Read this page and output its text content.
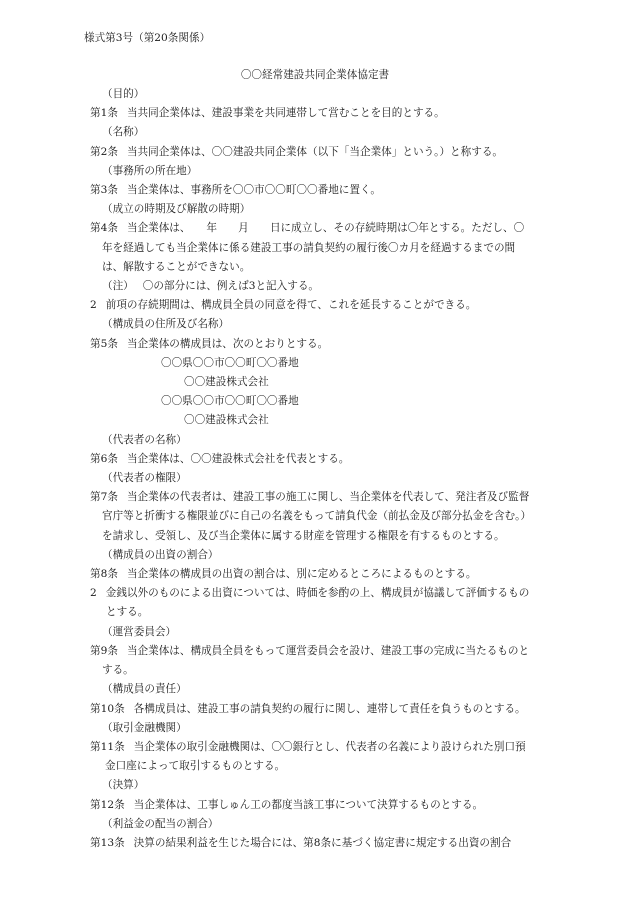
様式第3号（第20条関係）
〇〇経常建設共同企業体協定書
（目的）
第1条 当共同企業体は、建設事業を共同連帯して営むことを目的とする。
（名称）
第2条 当共同企業体は、〇〇建設共同企業体（以下「当企業体」という。）と称する。
（事務所の所在地）
第3条 当企業体は、事務所を〇〇市〇〇町〇〇番地に置く。
（成立の時期及び解散の時期）
第4条 当企業体は、　　年　　月　　日に成立し、その存続時期は〇年とする。ただし、〇年を経過しても当企業体に係る建設工事の請負契約の履行後〇カ月を経過するまでの間は、解散することができない。
（注） 〇の部分には、例えば3と記入する。
2 前項の存続期間は、構成員全員の同意を得て、これを延長することができる。
（構成員の住所及び名称）
第5条 当企業体の構成員は、次のとおりとする。
〇〇県〇〇市〇〇町〇〇番地
〇〇建設株式会社
〇〇県〇〇市〇〇町〇〇番地
〇〇建設株式会社
（代表者の名称）
第6条 当企業体は、〇〇建設株式会社を代表とする。
（代表者の権限）
第7条 当企業体の代表者は、建設工事の施工に関し、当企業体を代表して、発注者及び監督官庁等と折衝する権限並びに自己の名義をもって請負代金（前払金及び部分払金を含む。）を請求し、受領し、及び当企業体に属する財産を管理する権限を有するものとする。
（構成員の出資の割合）
第8条 当企業体の構成員の出資の割合は、別に定めるところによるものとする。
2 金銭以外のものによる出資については、時価を参酌の上、構成員が協議して評価するものとする。
（運営委員会）
第9条 当企業体は、構成員全員をもって運営委員会を設け、建設工事の完成に当たるものとする。
（構成員の責任）
第10条 各構成員は、建設工事の請負契約の履行に関し、連帯して責任を負うものとする。
（取引金融機関）
第11条 当企業体の取引金融機関は、〇〇銀行とし、代表者の名義により設けられた別口預金口座によって取引するものとする。
（決算）
第12条 当企業体は、工事しゅん工の都度当該工事について決算するものとする。
（利益金の配当の割合）
第13条 決算の結果利益を生じた場合には、第8条に基づく協定書に規定する出資の割合
